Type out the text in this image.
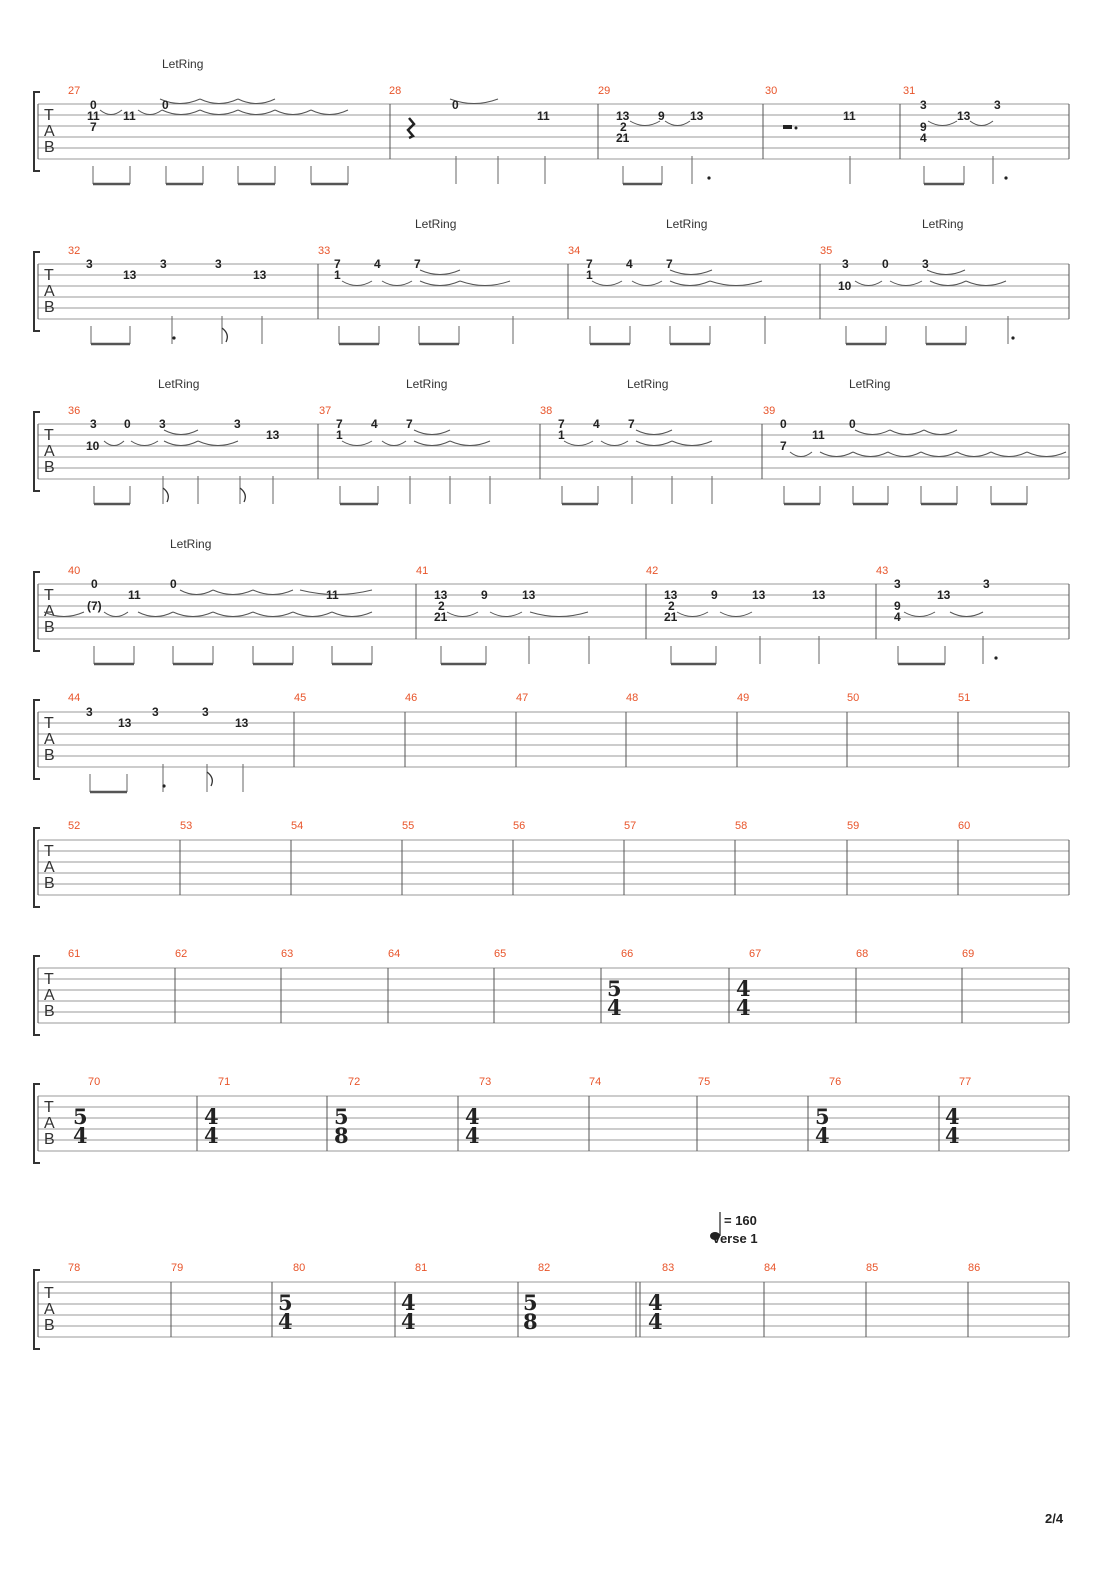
T
A
B
T
A
B
T
A
B
T
A
B
T
A
B
T
A
B
T
A
B
T
A
B
T
A
B
LetRing
27	28	29	30	31
0
11
7
11	11
0	0
11
13
2
21
9 13	13
3
9
4
3
LetRing	LetRing	LetRing
32	33	34	35
3
13
3	3
13
7
1
4	7	7
1
4	7	3
10
0	3
LetRing	LetRing	LetRing	LetRing
36	37	38	39
3
10
0 3	3
13
7
1
4 7	7
1
4 7	0
7
11
0
LetRing
40	41	42	43
0
(7)
11
0
11	13
2
21
9	13	13
2
21
9	13	13
3
9
4
13
3
44	45	46	47	48	49	50	51
3
13
3	3
13
52	53	54	55	56	57	58	59	60
61	62	63	64	65	66	67	68	69
5
4
4
4
70	71	72	73	74	75	76	77
5
4
4
4
5
8
4
4
5
4
4
4
= 160
Verse 1
78	79	80	81	82	83	84	85	86
5
4
4
4
5
8
4
4
2/4
